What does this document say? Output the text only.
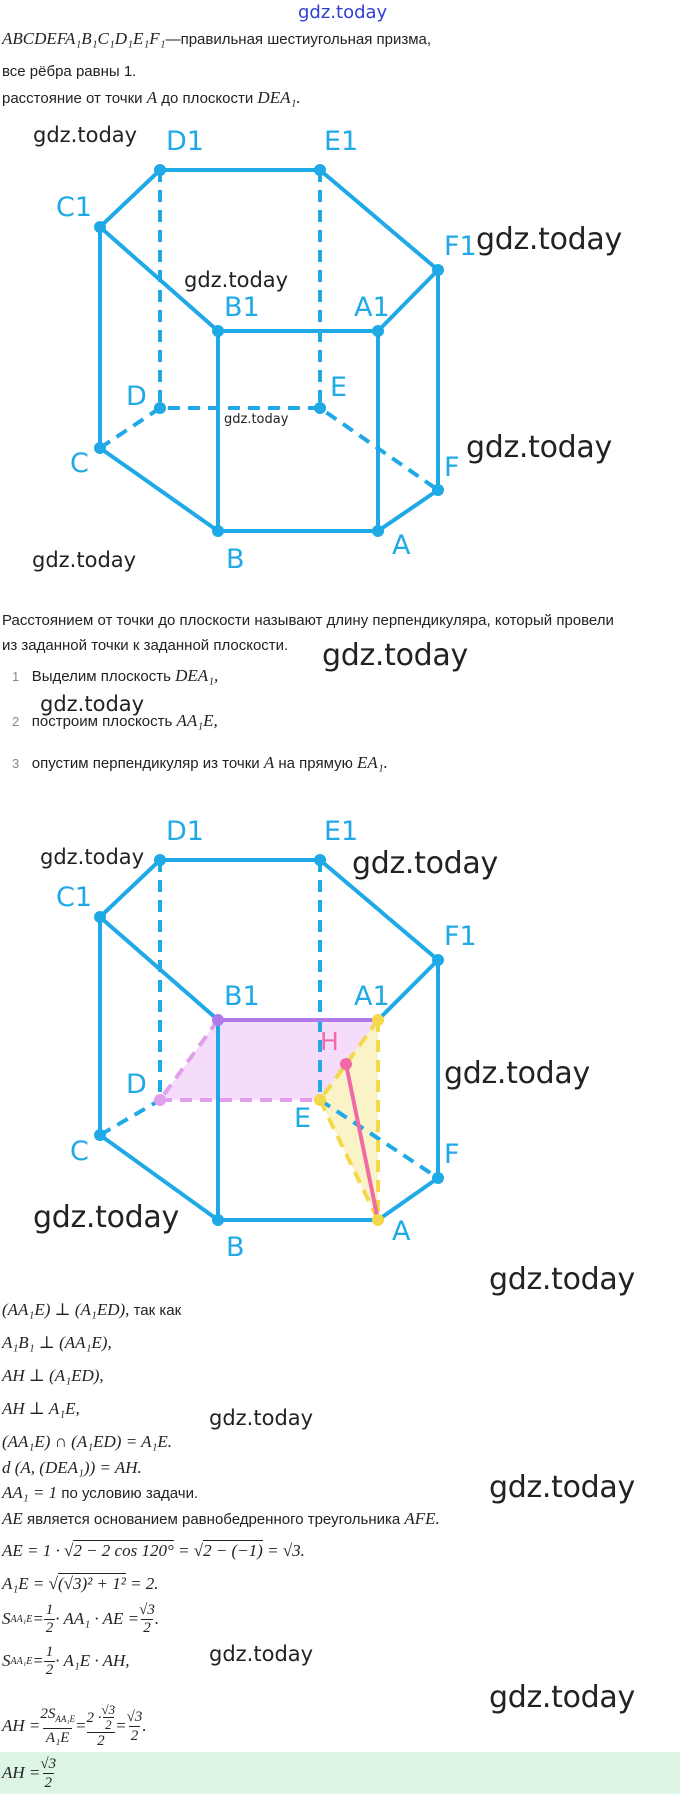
gdz.today
ABCDEFA₁B₁C₁D₁E₁F₁—правильная шестиугольная призма,
все рёбра равны 1.
расстояние от точки A до плоскости DEA₁.
D1	E1
C1
F1
B1	A1
D	E
C	F
B	A
gdz.today
gdz.today
gdz.today
gdz.today
gdz.today
gdz.today
Расстоянием от точки до плоскости называют длину перпендикуляра, который провели
из заданной точки к заданной плоскости. gdz.today
1 Выделим плоскость DEA₁,
gdz.today
2 построим плоскость AA₁E,
3 опустим перпендикуляр из точки A на прямую EA₁.
D1	E1
C1
F1
B1	A1
D
E
C	F
B
A
H
gdz.today	gdz.today
gdz.today
gdz.today
gdz.today
(AA₁E) ⊥ (A₁ED), так как
A₁B₁ ⊥ (AA₁E),
AH ⊥ (A₁ED),
AH ⊥ A₁E,	gdz.today
(AA₁E) ∩ (A₁ED) = A₁E.
d (A, (DEA₁)) = AH.
gdz.today
AA₁ = 1 по условию задачи.
AE является основанием равнобедренного треугольника AFE.
AE = 1 · √2 − 2 cos 120° = √2 − (−1) = √3.
A₁E = √(√3)² + 1² = 2.
S $AA_1E = \frac{1}{2} \cdot AA_1$ · AE = $\frac{√3}{2}$ .
S $AA_1E = \frac{1}{2} \cdot A_1E$ · AH,	gdz.today
gdz.today
AH =
$2S_{AA_1E}$
A₁E
= 2 · √3
2
$2 = \frac{√3}{2}$ .
AH = $\frac{√3}{2}$
